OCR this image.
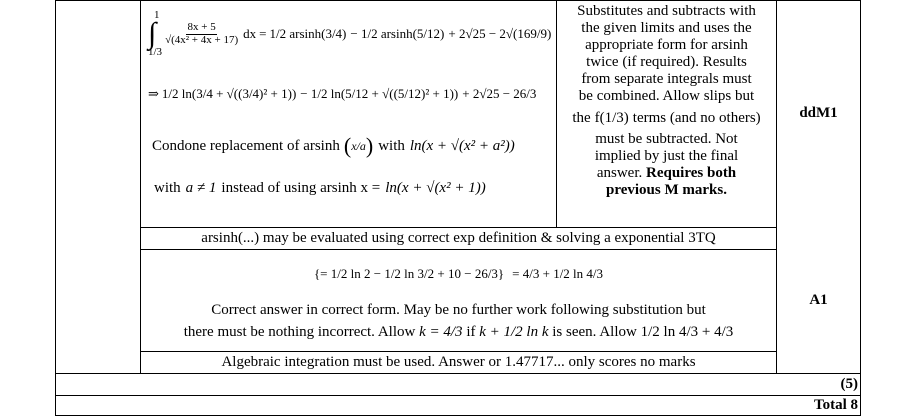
1
∫
1/3
$\frac{8x + 5}{\text{√(4x² + 4x + 17)}}$ dx = 1/2 arsinh(3/4) − 1/2 arsinh(5/12) + 2√25 − 2√(169/9)
⇒ 1/2 ln(3/4 + √((3/4)² + 1)) − 1/2 ln(5/12 + √((5/12)² + 1)) + 2√25 − 26/3
Condone replacement of arsinh ( x/a ) with ln(x + √(x² + a²))
with a ≠ 1 instead of using arsinh x = ln(x + √(x² + 1))
Substitutes and subtracts with
the given limits and uses the
appropriate form for arsinh
twice (if required). Results
from separate integrals must
be combined. Allow slips but
the f(1/3) terms (and no others)
must be subtracted. Not
implied by just the final
answer. Requires both
previous M marks.
ddM1
arsinh(...) may be evaluated using correct exp definition & solving a exponential 3TQ
{= 1/2 ln 2 − 1/2 ln 3/2 + 10 − 26/3} = 4/3 + 1/2 ln 4/3
Correct answer in correct form. May be no further work following substitution but
there must be nothing incorrect. Allow k = 4/3 if k + 1/2 ln k is seen. Allow 1/2 ln 4/3 + 4/3
A1
Algebraic integration must be used. Answer or 1.47717... only scores no marks
(5)
Total 8
